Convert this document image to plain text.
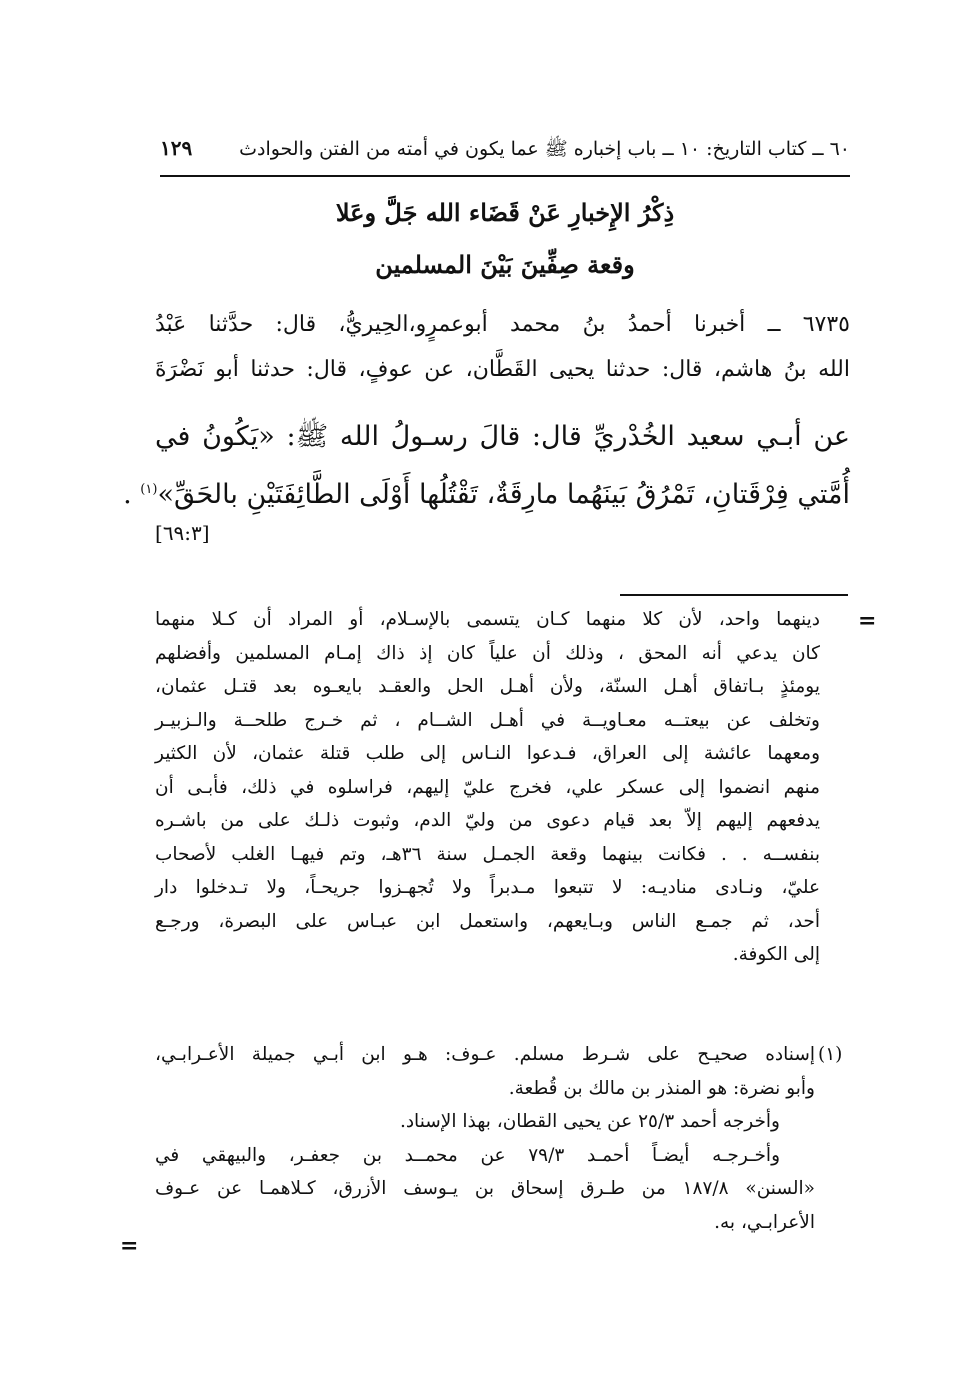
٦٠ ــ كتاب التاريخ: ١٠ ــ باب إخباره ﷺ عما يكون في أمته من الفتن والحوادث
١٢٩
ذِكْرُ الإِخبارِ عَنْ قَضَاء الله جَلَّ وعَلا
وقعة صِفِّينَ بَيْنَ المسلمين
٦٧٣٥ ــ أخبرنا أحمدُ بنُ محمد أبوعمرٍو،الحِيريُّ، قال: حدَّثنا عَبْدُ
الله بنُ هاشم، قال: حدثنا يحيى القَطَّان، عن عوفٍ، قال: حدثنا أبو نَضْرَةَ
عن أبـي سعيد الخُدْريِّ قال: قالَ رسـولُ الله ﷺ: «يَكُونُ في
أُمَّتي فِرْقَتانِ، تَمْرُقُ بَينَهُما مارِقَةٌ، تَقْتُلُها أَوْلَى الطَّائِفَتَيْنِ بالحَقِّ»$^{(١)}$ .
[٦٩:٣]
=
دينهما واحد، لأن كلا منهما كـان يتسمى بالإسـلام، أو المراد أن كـلا منهما
كان يدعي أنه المحق ، وذلك أن علياً كان إذ ذاك إمـام المسلمين وأفضلهم
يومئذٍ بـاتفاق أهـل السنّة، ولأن أهـل الحل والعقـد بايعـوه بعد قتـل عثمان،
وتخلف عن بيعتــه معـاويــة في أهـل الشــام ، ثم خـرج طلحــة والـزبيـر
ومعهما عائشة إلى العراق، فـدعوا النـاس إلى طلب قتلة عثمان، لأن الكثير
منهم انضموا إلى عسكر علي، فخرج عليّ إليهم، فراسلوه في ذلك، فأبـى أن
يدفعهم إليهم إلاّ بعد قيام دعوى من وليّ الدم، وثبوت ذلـك على من باشـره
بنفســه . . فكانت بينهما وقعة الجمـل سنة ٣٦هـ، وتم فيهـا الغلب لأصحاب
عليّ، ونـادى مناديـه: لا تتبعوا مـدبراً ولا تُجهـزوا جريحـاً، ولا تـدخلوا دار
أحد، ثم جمـع الناس وبـايعهم، واستعمل ابن عبـاس على البصرة، ورجـع
إلى الكوفة.
(١)
إسناده صحيـح على شـرط مسلم. عـوف: هـو ابن أبـي جميلة الأعـرابـي،
وأبو نضرة: هو المنذر بن مالك بن قُطعة.
وأخرجه أحمد ٢٥/٣ عن يحيى القطان، بهذا الإسناد.
وأخـرجـه أيضـاً أحمـد ٧٩/٣ عن محمــد بن جعفـر، والبيهقي في
«السنن» ١٨٧/٨ من طـرق إسحاق بن يـوسف الأزرق، كـلاهمـا عن عـوف
الأعرابـي، به.
=
